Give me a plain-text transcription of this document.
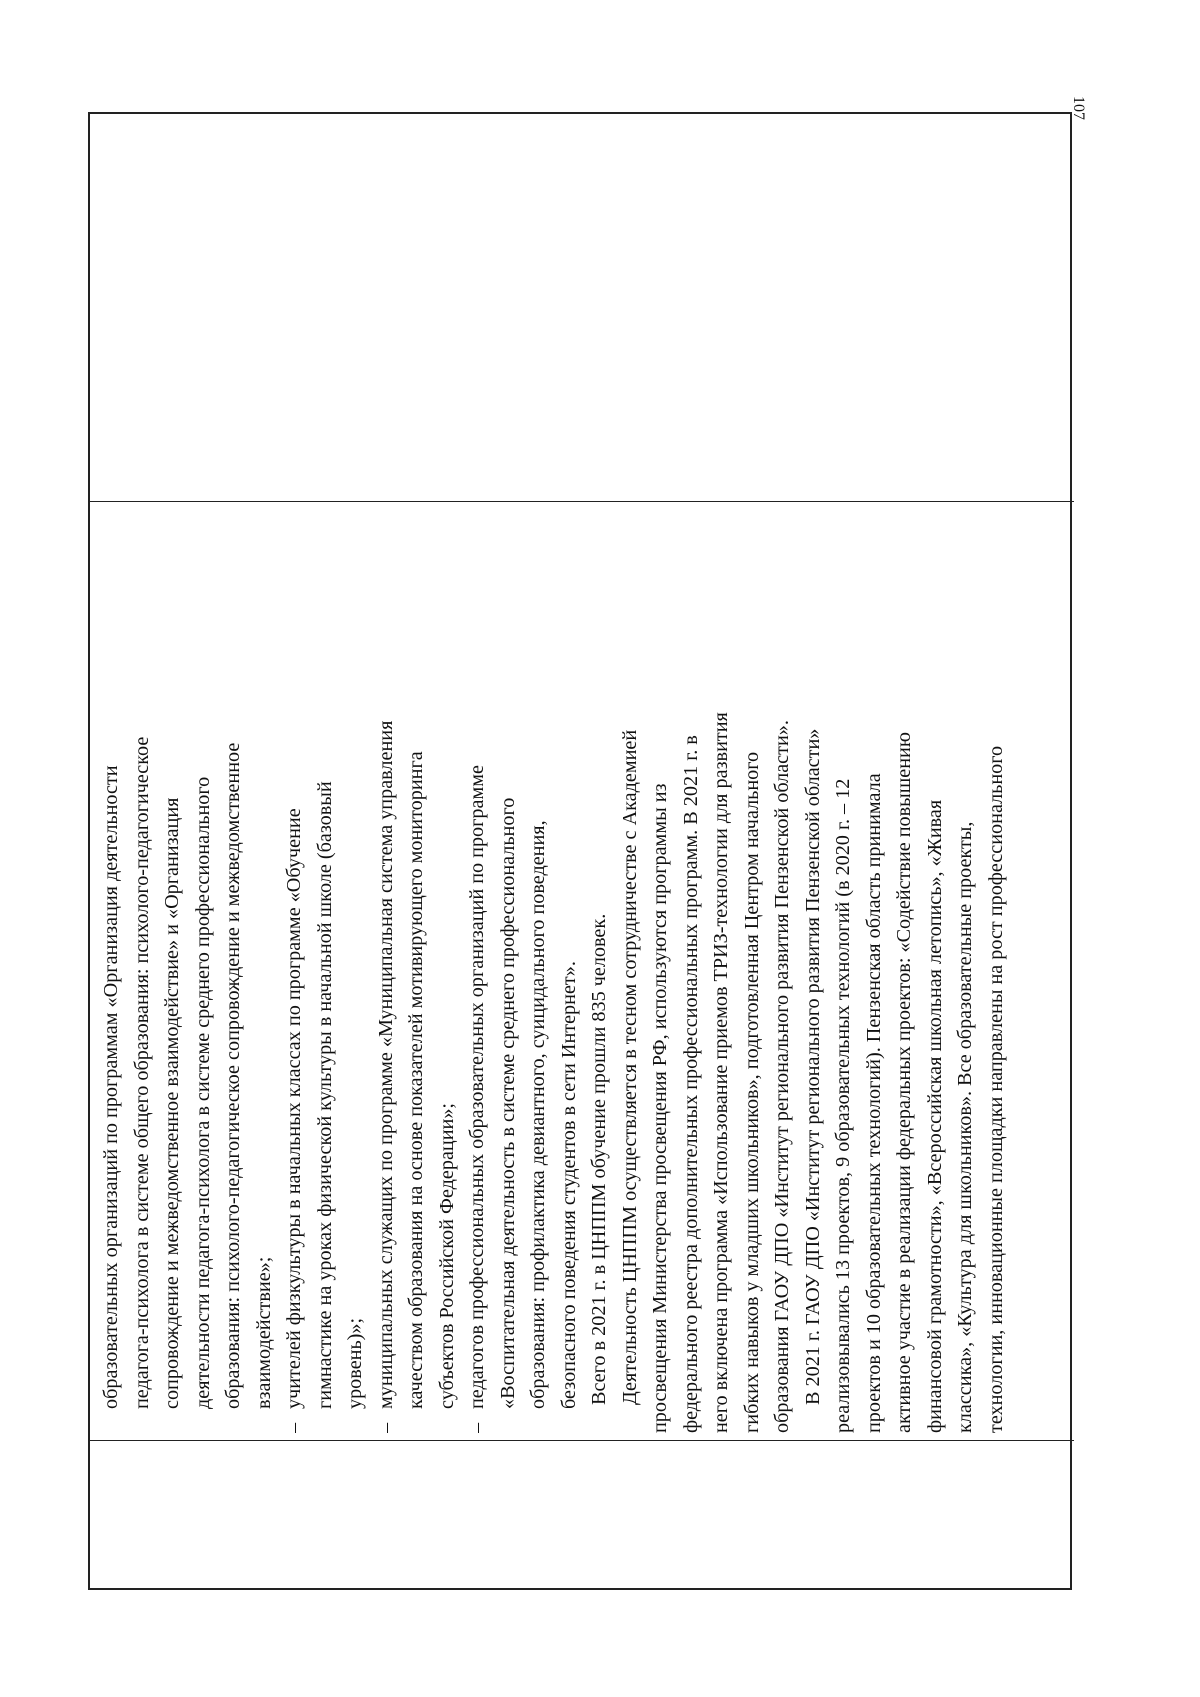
107
образовательных организаций по программам «Организация деятельности педагога-психолога в системе общего образования: психолого-педагогическое сопровождение и межведомственное взаимодействие» и «Организация деятельности педагога-психолога в системе среднего профессионального образования: психолого-педагогическое сопровождение и межведомственное взаимодействие»;
–учителей физкультуры в начальных классах по программе «Обучение гимнастике на уроках физической культуры в начальной школе (базовый уровень)»;
–муниципальных служащих по программе «Муниципальная система управления качеством образования на основе показателей мотивирующего мониторинга субъектов Российской Федерации»;
–педагогов профессиональных образовательных организаций по программе «Воспитательная деятельность в системе среднего профессионального образования: профилактика девиантного, суицидального поведения, безопасного поведения студентов в сети Интернет». Всего в 2021 г. в ЦНППМ обучение прошли 835 человек. Деятельность ЦНППМ осуществляется в тесном сотрудничестве с Академией просвещения Министерства просвещения РФ, используются программы из федерального реестра дополнительных профессиональных программ. В 2021 г. в него включена программа «Использование приемов ТРИЗ-технологии для развития гибких навыков у младших школьников», подготовленная Центром начального образования ГАОУ ДПО «Институт регионального развития Пензенской области». В 2021 г. ГАОУ ДПО «Институт регионального развития Пензенской области» реализовывались 13 проектов, 9 образовательных технологий (в 2020 г. – 12 проектов и 10 образовательных технологий). Пензенская область принимала активное участие в реализации федеральных проектов: «Содействие повышению финансовой грамотности», «Всероссийская школьная летопись», «Живая классика», «Культура для школьников». Все образовательные проекты, технологии, инновационные площадки направлены на рост профессионального
